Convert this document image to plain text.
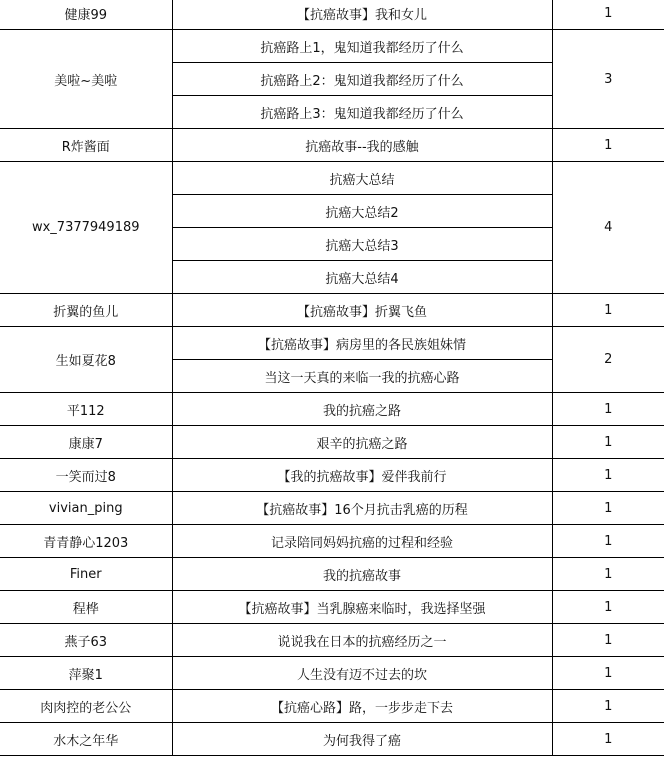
健康99	【抗癌故事】我和女儿	1
美啦~美啦	抗癌路上1，鬼知道我都经历了什么	3
	抗癌路上2：鬼知道我都经历了什么	
	抗癌路上3：鬼知道我都经历了什么	
R炸酱面	抗癌故事--我的感触	1
wx_7377949189	抗癌大总结	4
	抗癌大总结2	
	抗癌大总结3	
	抗癌大总结4	
折翼的鱼儿	【抗癌故事】折翼飞鱼	1
生如夏花8	【抗癌故事】病房里的各民族姐妹情	2
	当这一天真的来临一我的抗癌心路	
平112	我的抗癌之路	1
康康7	艰辛的抗癌之路	1
一笑而过8	【我的抗癌故事】爱伴我前行	1
vivian_ping	【抗癌故事】16个月抗击乳癌的历程	1
青青静心1203	记录陪同妈妈抗癌的过程和经验	1
Finer	我的抗癌故事	1
程桦	【抗癌故事】当乳腺癌来临时，我选择坚强	1
燕子63	说说我在日本的抗癌经历之一	1
萍聚1	人生没有迈不过去的坎	1
肉肉控的老公公	【抗癌心路】路，一步步走下去	1
水木之年华	为何我得了癌	1
